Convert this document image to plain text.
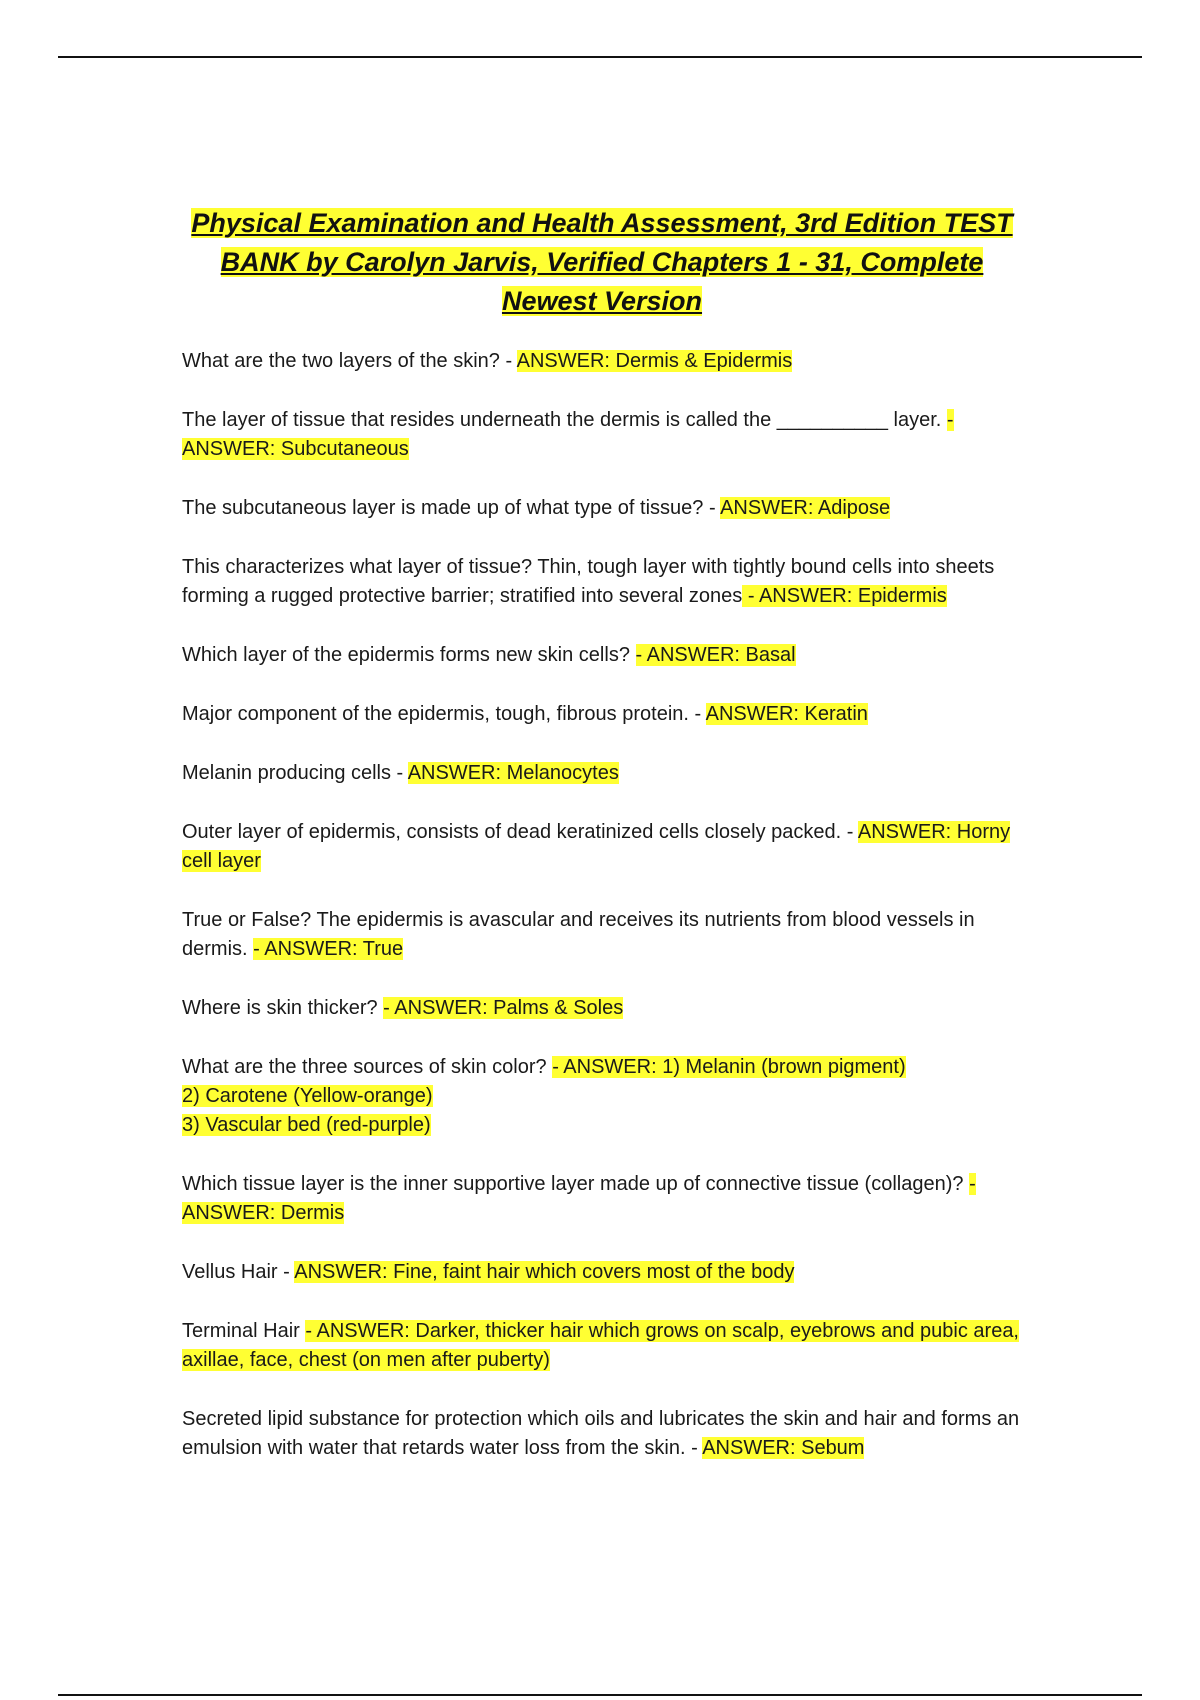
Physical Examination and Health Assessment, 3rd Edition TEST BANK by Carolyn Jarvis, Verified Chapters 1 - 31, Complete Newest Version
What are the two layers of the skin? - ANSWER: Dermis & Epidermis
The layer of tissue that resides underneath the dermis is called the __________ layer. - ANSWER: Subcutaneous
The subcutaneous layer is made up of what type of tissue? - ANSWER: Adipose
This characterizes what layer of tissue? Thin, tough layer with tightly bound cells into sheets forming a rugged protective barrier; stratified into several zones - ANSWER: Epidermis
Which layer of the epidermis forms new skin cells? - ANSWER: Basal
Major component of the epidermis, tough, fibrous protein. - ANSWER: Keratin
Melanin producing cells - ANSWER: Melanocytes
Outer layer of epidermis, consists of dead keratinized cells closely packed. - ANSWER: Horny cell layer
True or False? The epidermis is avascular and receives its nutrients from blood vessels in dermis. - ANSWER: True
Where is skin thicker? - ANSWER: Palms & Soles
What are the three sources of skin color? - ANSWER: 1) Melanin (brown pigment)
2) Carotene (Yellow-orange)
3) Vascular bed (red-purple)
Which tissue layer is the inner supportive layer made up of connective tissue (collagen)? - ANSWER: Dermis
Vellus Hair - ANSWER: Fine, faint hair which covers most of the body
Terminal Hair - ANSWER: Darker, thicker hair which grows on scalp, eyebrows and pubic area, axillae, face, chest (on men after puberty)
Secreted lipid substance for protection which oils and lubricates the skin and hair and forms an emulsion with water that retards water loss from the skin. - ANSWER: Sebum
